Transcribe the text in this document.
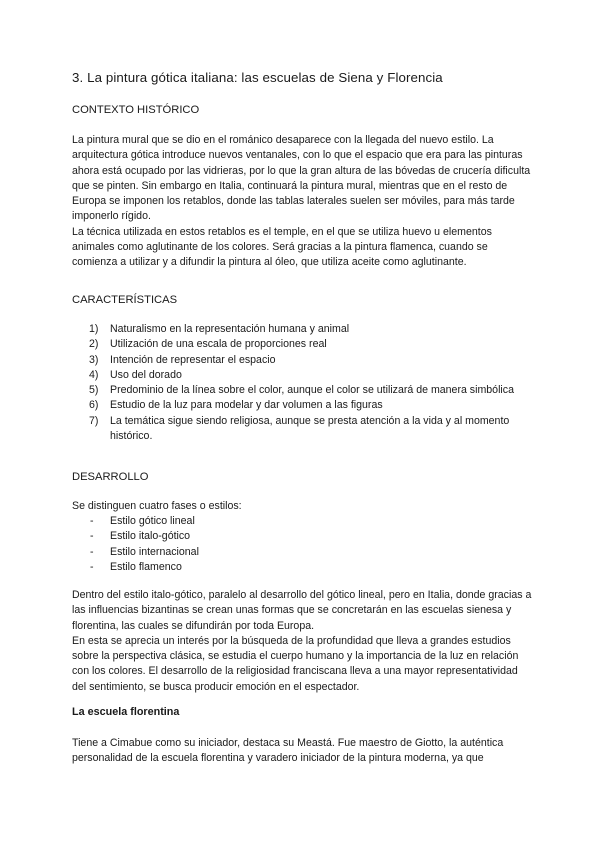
3. La pintura gótica italiana: las escuelas de Siena y Florencia
CONTEXTO HISTÓRICO

La pintura mural que se dio en el románico desaparece con la llegada del nuevo estilo. La arquitectura gótica introduce nuevos ventanales, con lo que el espacio que era para las pinturas ahora está ocupado por las vidrieras, por lo que la gran altura de las bóvedas de crucería dificulta que se pinten. Sin embargo en Italia, continuará la pintura mural, mientras que en el resto de Europa se imponen los retablos, donde las tablas laterales suelen ser móviles, para más tarde imponerlo rígido.

La técnica utilizada en estos retablos es el temple, en el que se utiliza huevo u elementos animales como aglutinante de los colores. Será gracias a la pintura flamenca, cuando se comienza a utilizar y a difundir la pintura al óleo, que utiliza aceite como aglutinante.

CARACTERÍSTICAS
1) Naturalismo en la representación humana y animal
2) Utilización de una escala de proporciones real
3) Intención de representar el espacio
4) Uso del dorado
5) Predominio de la línea sobre el color, aunque el color se utilizará de manera simbólica
6) Estudio de la luz para modelar y dar volumen a las figuras
7) La temática sigue siendo religiosa, aunque se presta atención a la vida y al momento histórico.
DESARROLLO
Se distinguen cuatro fases o estilos:
- Estilo gótico lineal
- Estilo italo-gótico
- Estilo internacional
- Estilo flamenco

Dentro del estilo italo-gótico, paralelo al desarrollo del gótico lineal, pero en Italia, donde gracias a las influencias bizantinas se crean unas formas que se concretarán en las escuelas sienesa y florentina, las cuales se difundirán por toda Europa.

En esta se aprecia un interés por la búsqueda de la profundidad que lleva a grandes estudios sobre la perspectiva clásica, se estudia el cuerpo humano y la importancia de la luz en relación con los colores. El desarrollo de la religiosidad franciscana lleva a una mayor representatividad del sentimiento, se busca producir emoción en el espectador.

La escuela florentina
Tiene a Cimabue como su iniciador, destaca su Meastá. Fue maestro de Giotto, la auténtica personalidad de la escuela florentina y varadero iniciador de la pintura moderna, ya que
